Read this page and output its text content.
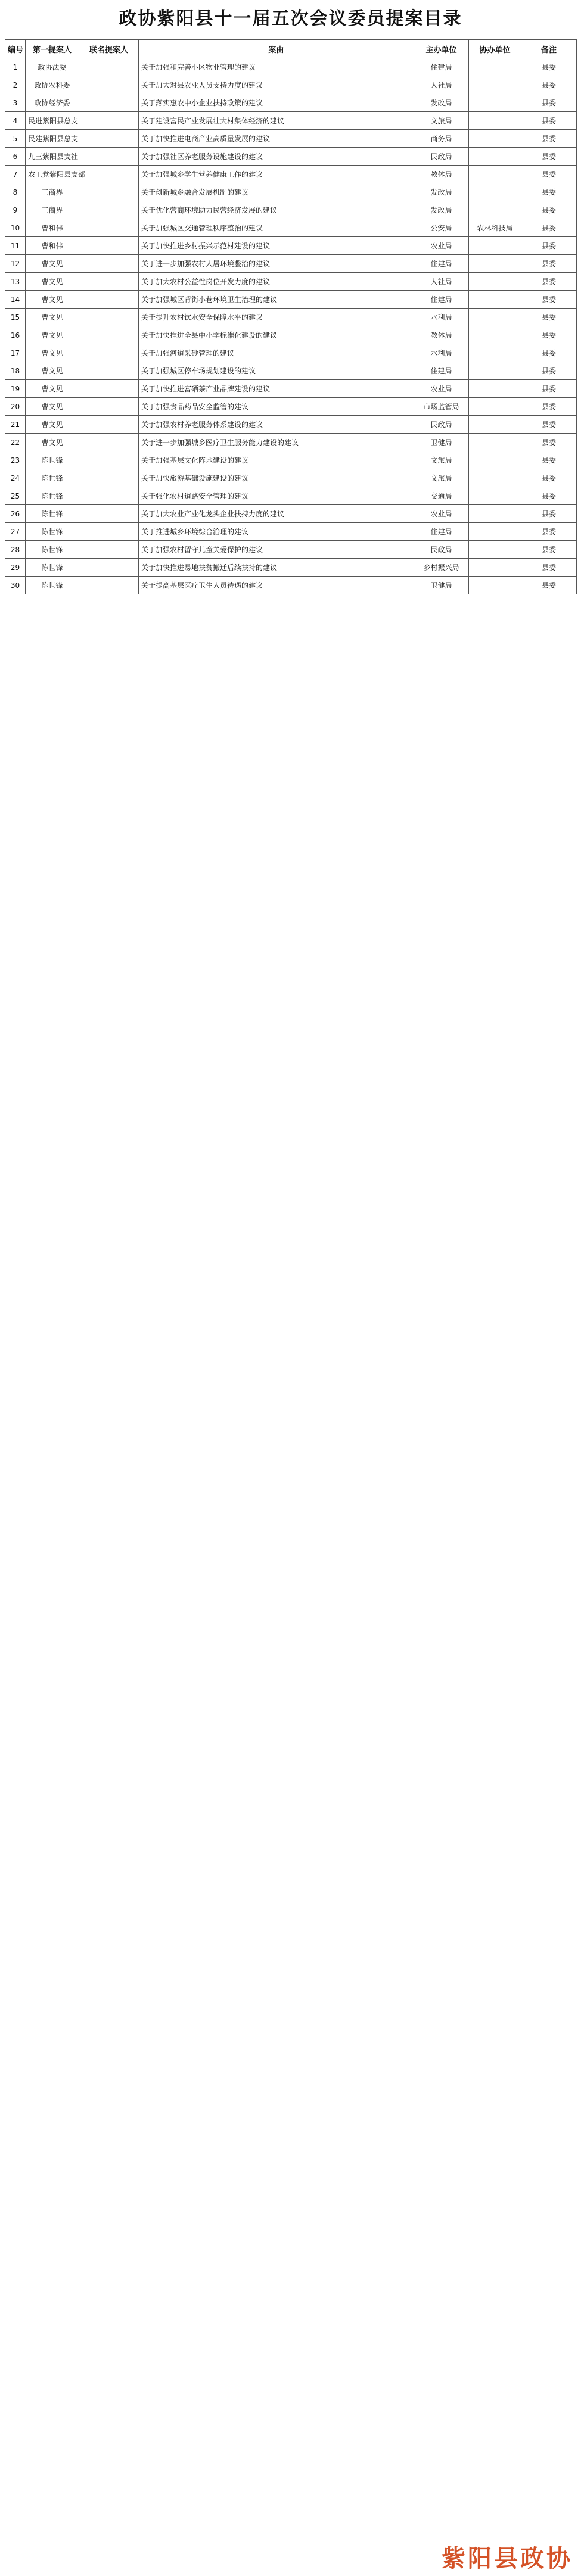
政协紫阳县十一届五次会议委员提案目录
编号	第一提案人	联名提案人	案由	主办单位	协办单位	备注
1	政协法委		关于加强和完善小区物业管理的建议	住建局		县委
2	政协农科委		关于加大对县农业人员支持力度的建议	人社局		县委
3	政协经济委		关于落实惠农中小企业扶持政策的建议	发改局		县委
4	民进紫阳县总支		关于建设富民产业发展壮大村集体经济的建议	文旅局		县委
5	民建紫阳县总支		关于加快推进电商产业高质量发展的建议	商务局		县委
6	九三紫阳县支社		关于加强社区养老服务设施建设的建议	民政局		县委
7	农工党紫阳县支部		关于加强城乡学生营养健康工作的建议	教体局		县委
8	工商界		关于创新城乡融合发展机制的建议	发改局		县委
9	工商界		关于优化营商环境助力民营经济发展的建议	发改局		县委
10	曹和伟		关于加强城区交通管理秩序整治的建议	公安局	农林科技局	县委
11	曹和伟		关于加快推进乡村振兴示范村建设的建议	农业局		县委
12	曹文见		关于进一步加强农村人居环境整治的建议	住建局		县委
13	曹文见		关于加大农村公益性岗位开发力度的建议	人社局		县委
14	曹文见		关于加强城区背街小巷环境卫生治理的建议	住建局		县委
15	曹文见		关于提升农村饮水安全保障水平的建议	水利局		县委
16	曹文见		关于加快推进全县中小学标准化建设的建议	教体局		县委
17	曹文见		关于加强河道采砂管理的建议	水利局		县委
18	曹文见		关于加强城区停车场规划建设的建议	住建局		县委
19	曹文见		关于加快推进富硒茶产业品牌建设的建议	农业局		县委
20	曹文见		关于加强食品药品安全监管的建议	市场监管局		县委
21	曹文见		关于加强农村养老服务体系建设的建议	民政局		县委
22	曹文见		关于进一步加强城乡医疗卫生服务能力建设的建议	卫健局		县委
23	陈世锋		关于加强基层文化阵地建设的建议	文旅局		县委
24	陈世锋		关于加快旅游基础设施建设的建议	文旅局		县委
25	陈世锋		关于强化农村道路安全管理的建议	交通局		县委
26	陈世锋		关于加大农业产业化龙头企业扶持力度的建议	农业局		县委
27	陈世锋		关于推进城乡环境综合治理的建议	住建局		县委
28	陈世锋		关于加强农村留守儿童关爱保护的建议	民政局		县委
29	陈世锋		关于加快推进易地扶贫搬迁后续扶持的建议	乡村振兴局		县委
30	陈世锋		关于提高基层医疗卫生人员待遇的建议	卫健局		县委
紫阳县政协
